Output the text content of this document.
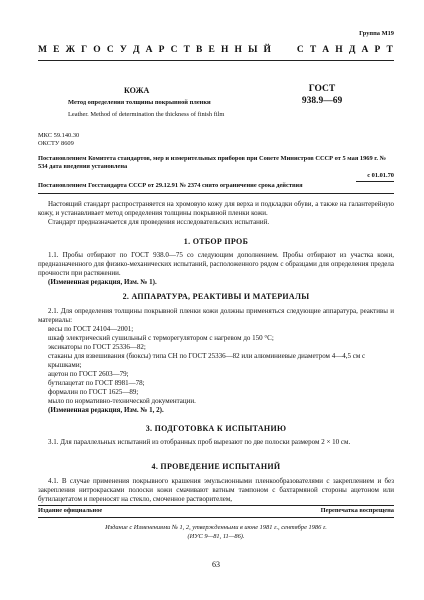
Группа М19
М Е Ж Г О С У Д А Р С Т В Е Н Н Ы Й     С Т А Н Д А Р Т
КОЖА
Метод определения толщины покрывной пленки
Leather. Method of determination the thickness of finish film
ГОСТ
938.9—69
МКС 59.140.30
ОКСТУ 8609

Постановлением Комитета стандартов, мер и измерительных приборов при Совете Министров СССР от 5 мая 1969 г. № 534 дата введения установлена

с 01.01.70

Постановлением Госстандарта СССР от 29.12.91 № 2374 снято ограничение срока действия

Настоящий стандарт распространяется на хромовую кожу для верха и подкладки обуви, а также на галантерейную кожу, и устанавливает метод определения толщины покрывной пленки кожи.

Стандарт предназначается для проведения исследовательских испытаний.

1. ОТБОР ПРОБ

1.1. Пробы отбирают по ГОСТ 938.0—75 со следующим дополнением. Пробы отбирают из участка кожи, предназначенного для физико-механических испытаний, расположенного рядом с образцами для определения предела прочности при растяжении.

(Измененная редакция, Изм. № 1).

2. АППАРАТУРА, РЕАКТИВЫ И МАТЕРИАЛЫ

2.1. Для определения толщины покрывной пленки кожи должны применяться следующие аппаратура, реактивы и материалы:

весы по ГОСТ 24104—2001;
шкаф электрический сушильный с терморегулятором с нагревом до 150 °С;
эксикаторы по ГОСТ 25336—82;
стаканы для взвешивания (бюксы) типа СН по ГОСТ 25336—82 или алюминиевые диаметром 4—4,5 см с крышками;
ацетон по ГОСТ 2603—79;
бутилацетат по ГОСТ 8981—78;
формалин по ГОСТ 1625—89;
мыло по нормативно-технической документации.
(Измененная редакция, Изм. № 1, 2).
3. ПОДГОТОВКА К ИСПЫТАНИЮ

3.1. Для параллельных испытаний из отобранных проб вырезают по две полоски размером 2 × 10 см.

4. ПРОВЕДЕНИЕ ИСПЫТАНИЙ

4.1. В случае применения покрывного крашения эмульсионными пленкообразователями с закреплением и без закрепления нитрокрасками полоски кожи смачивают ватным тампоном с бахтармяной стороны ацетоном или бутилацетатом и переносят на стекло, смоченное растворителем,

Издание официальное	Перепечатка воспрещена
Издание с Изменениями № 1, 2, утвержденными в июне 1981 г., сентябре 1986 г.
(ИУС 9—81, 11—86).
63
